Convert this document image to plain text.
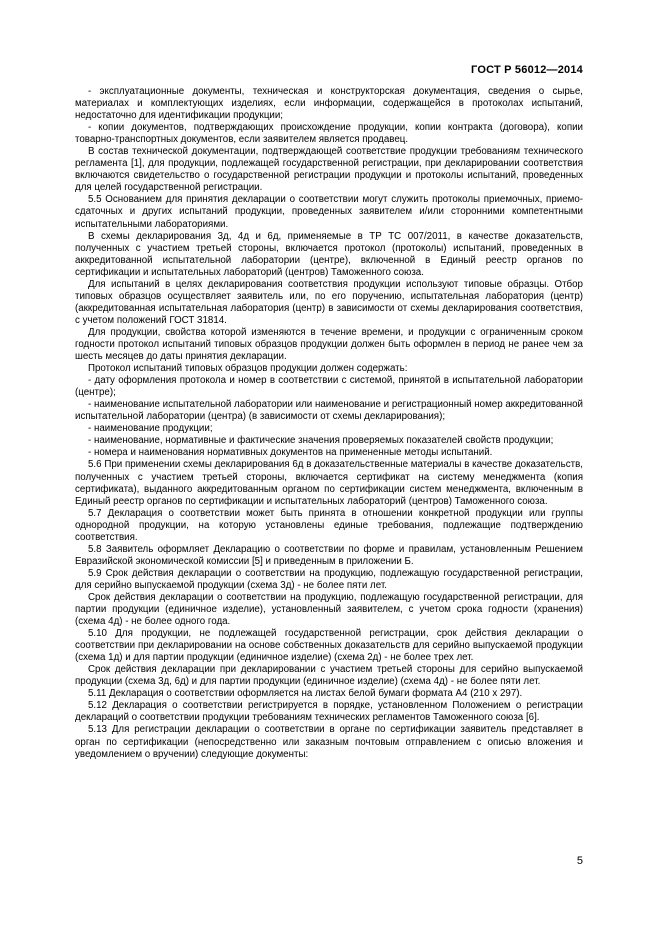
ГОСТ Р 56012—2014

- эксплуатационные документы, техническая и конструкторская документация, сведения о сырье, материалах и комплектующих изделиях, если информации, содержащейся в протоколах испытаний, недостаточно для идентификации продукции;

- копии документов, подтверждающих происхождение продукции, копии контракта (договора), копии товарно-транспортных документов, если заявителем является продавец.

В состав технической документации, подтверждающей соответствие продукции требованиям технического регламента [1], для продукции, подлежащей государственной регистрации, при декларировании соответствия включаются свидетельство о государственной регистрации продукции и протоколы испытаний, проведенных для целей государственной регистрации.

5.5 Основанием для принятия декларации о соответствии могут служить протоколы приемочных, приемо-сдаточных и других испытаний продукции, проведенных заявителем и/или сторонними компетентными испытательными лабораториями.

В схемы декларирования 3д, 4д и 6д, применяемые в ТР ТС 007/2011, в качестве доказательств, полученных с участием третьей стороны, включается протокол (протоколы) испытаний, проведенных в аккредитованной испытательной лаборатории (центре), включенной в Единый реестр органов по сертификации и испытательных лабораторий (центров) Таможенного союза.

Для испытаний в целях декларирования соответствия продукции используют типовые образцы. Отбор типовых образцов осуществляет заявитель или, по его поручению, испытательная лаборатория (центр) (аккредитованная испытательная лаборатория (центр) в зависимости от схемы декларирования соответствия, с учетом положений ГОСТ 31814.

Для продукции, свойства которой изменяются в течение времени, и продукции с ограниченным сроком годности протокол испытаний типовых образцов продукции должен быть оформлен в период не ранее чем за шесть месяцев до даты принятия декларации.

Протокол испытаний типовых образцов продукции должен содержать:

- дату оформления протокола и номер в соответствии с системой, принятой в испытательной лаборатории (центре);

- наименование испытательной лаборатории или наименование и регистрационный номер аккредитованной испытательной лаборатории (центра) (в зависимости от схемы декларирования);

- наименование продукции;

- наименование, нормативные и фактические значения проверяемых показателей свойств продукции;

- номера и наименования нормативных документов на примененные методы испытаний.

5.6 При применении схемы декларирования 6д в доказательственные материалы в качестве доказательств, полученных с участием третьей стороны, включается сертификат на систему менеджмента (копия сертификата), выданного аккредитованным органом по сертификации систем менеджмента, включенным в Единый реестр органов по сертификации и испытательных лабораторий (центров) Таможенного союза.

5.7 Декларация о соответствии может быть принята в отношении конкретной продукции или группы однородной продукции, на которую установлены единые требования, подлежащие подтверждению соответствия.

5.8 Заявитель оформляет Декларацию о соответствии по форме и правилам, установленным Решением Евразийской экономической комиссии [5] и приведенным в приложении Б.

5.9 Срок действия декларации о соответствии на продукцию, подлежащую государственной регистрации, для серийно выпускаемой продукции (схема 3д) - не более пяти лет.

Срок действия декларации о соответствии на продукцию, подлежащую государственной регистрации, для партии продукции (единичное изделие), установленный заявителем, с учетом срока годности (хранения) (схема 4д) - не более одного года.

5.10 Для продукции, не подлежащей государственной регистрации, срок действия декларации о соответствии при декларировании на основе собственных доказательств для серийно выпускаемой продукции (схема 1д) и для партии продукции (единичное изделие) (схема 2д) - не более трех лет.

Срок действия декларации при декларировании с участием третьей стороны для серийно выпускаемой продукции (схема 3д, 6д) и для партии продукции (единичное изделие) (схема 4д) - не более пяти лет.

5.11 Декларация о соответствии оформляется на листах белой бумаги формата А4 (210 х 297).

5.12 Декларация о соответствии регистрируется в порядке, установленном Положением о регистрации деклараций о соответствии продукции требованиям технических регламентов Таможенного союза [6].

5.13 Для регистрации декларации о соответствии в органе по сертификации заявитель представляет в орган по сертификации (непосредственно или заказным почтовым отправлением с описью вложения и уведомлением о вручении) следующие документы:

5
